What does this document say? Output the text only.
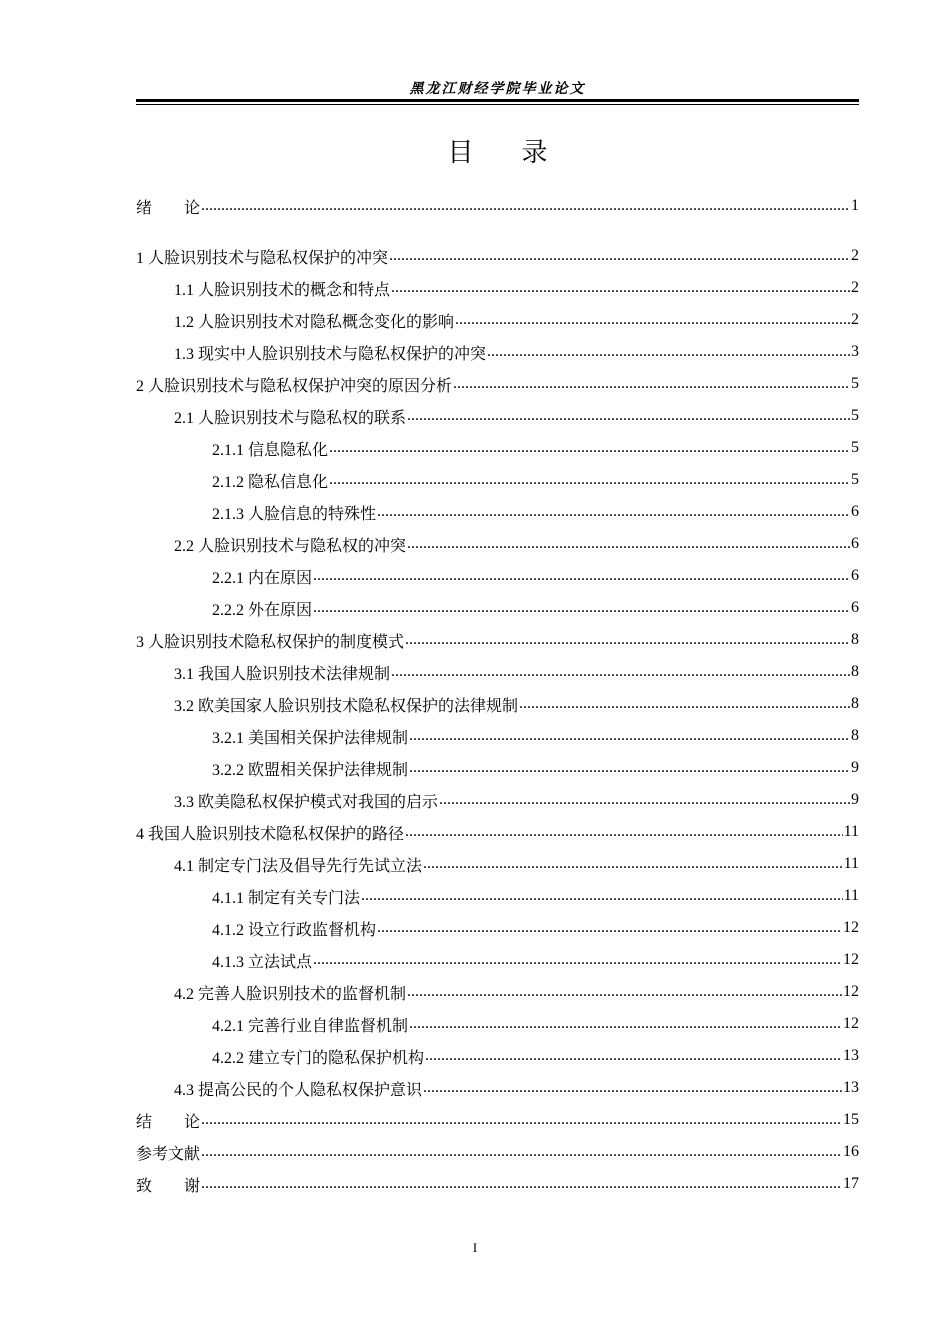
黑龙江财经学院毕业论文
目录
绪　　论 .....	1
1 人脸识别技术与隐私权保护的冲突 .....	2
1.1 人脸识别技术的概念和特点 .....	2
1.2 人脸识别技术对隐私概念变化的影响 .....	2
1.3 现实中人脸识别技术与隐私权保护的冲突 .....	3
2 人脸识别技术与隐私权保护冲突的原因分析 .....	5
2.1 人脸识别技术与隐私权的联系 .....	5
2.1.1 信息隐私化 .....	5
2.1.2 隐私信息化 .....	5
2.1.3 人脸信息的特殊性 .....	6
2.2 人脸识别技术与隐私权的冲突 .....	6
2.2.1 内在原因 .....	6
2.2.2 外在原因 .....	6
3 人脸识别技术隐私权保护的制度模式 .....	8
3.1 我国人脸识别技术法律规制 .....	8
3.2 欧美国家人脸识别技术隐私权保护的法律规制 .....	8
3.2.1 美国相关保护法律规制 .....	8
3.2.2 欧盟相关保护法律规制 .....	9
3.3 欧美隐私权保护模式对我国的启示 .....	9
4 我国人脸识别技术隐私权保护的路径 .....	11
4.1 制定专门法及倡导先行先试立法 .....	11
4.1.1 制定有关专门法 .....	11
4.1.2 设立行政监督机构 .....	12
4.1.3 立法试点 .....	12
4.2 完善人脸识别技术的监督机制 .....	12
4.2.1 完善行业自律监督机制 .....	12
4.2.2 建立专门的隐私保护机构 .....	13
4.3 提高公民的个人隐私权保护意识 .....	13
结　　论 .....	15
参考文献 .....	16
致　　谢 .....	17
I
